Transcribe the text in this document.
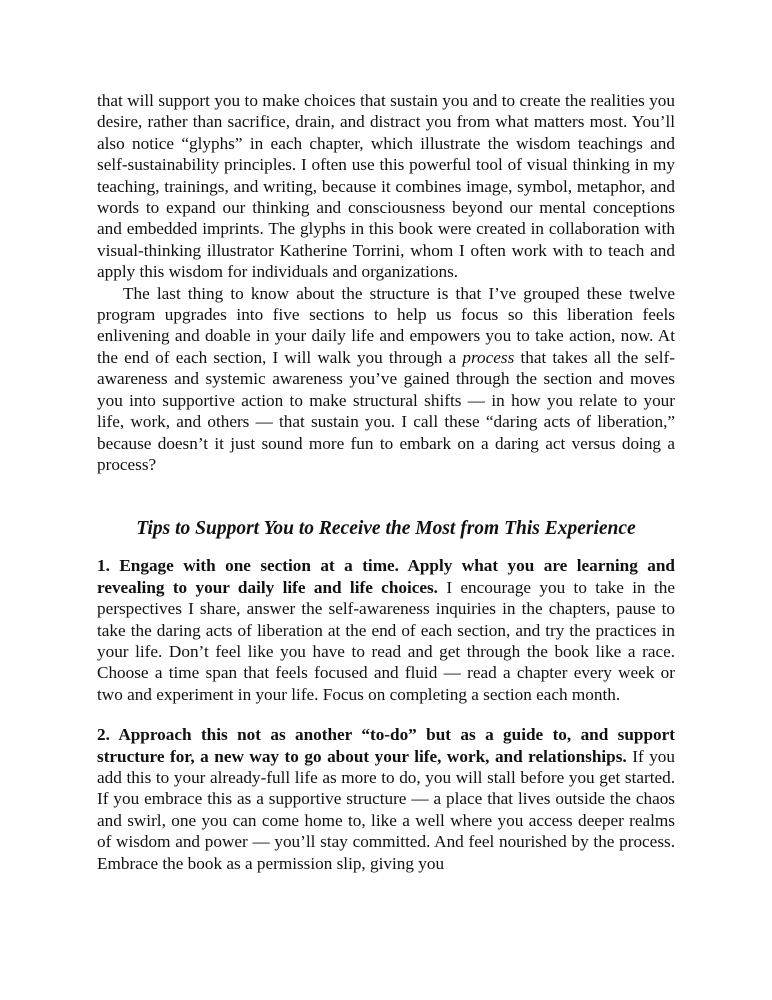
that will support you to make choices that sustain you and to create the realities you desire, rather than sacrifice, drain, and distract you from what matters most. You’ll also notice “glyphs” in each chapter, which illustrate the wisdom teachings and self-sustainability principles. I often use this powerful tool of visual thinking in my teaching, trainings, and writing, because it combines image, symbol, metaphor, and words to expand our thinking and consciousness beyond our mental conceptions and embedded imprints. The glyphs in this book were created in collaboration with visual-thinking illustrator Katherine Torrini, whom I often work with to teach and apply this wisdom for individuals and organizations.

The last thing to know about the structure is that I’ve grouped these twelve program upgrades into five sections to help us focus so this liberation feels enlivening and doable in your daily life and empowers you to take action, now. At the end of each section, I will walk you through a process that takes all the self-awareness and systemic awareness you’ve gained through the section and moves you into supportive action to make structural shifts — in how you relate to your life, work, and others — that sustain you. I call these “daring acts of liberation,” because doesn’t it just sound more fun to embark on a daring act versus doing a process?

Tips to Support You to Receive the Most from This Experience

1. Engage with one section at a time. Apply what you are learning and revealing to your daily life and life choices. I encourage you to take in the perspectives I share, answer the self-awareness inquiries in the chapters, pause to take the daring acts of liberation at the end of each section, and try the practices in your life. Don’t feel like you have to read and get through the book like a race. Choose a time span that feels focused and fluid — read a chapter every week or two and experiment in your life. Focus on completing a section each month.

2. Approach this not as another “to-do” but as a guide to, and support structure for, a new way to go about your life, work, and relationships. If you add this to your already-full life as more to do, you will stall before you get started. If you embrace this as a supportive structure — a place that lives outside the chaos and swirl, one you can come home to, like a well where you access deeper realms of wisdom and power — you’ll stay committed. And feel nourished by the process. Embrace the book as a permission slip, giving you
